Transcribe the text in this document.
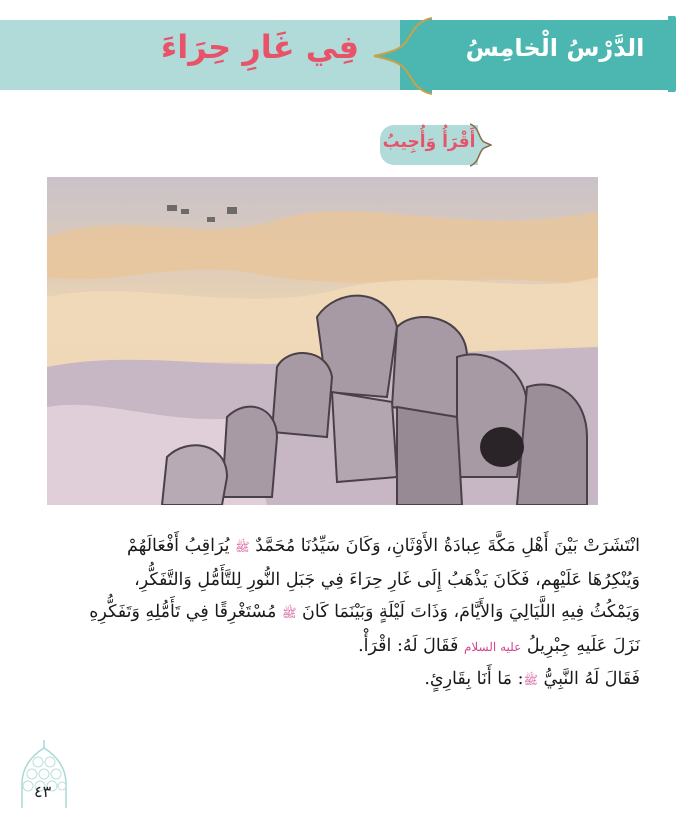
الدَّرْسُ الْخامِسُ
فِي غَارِ حِرَاءَ
أَقْرَأُ وَأُجِيبُ
انْتَشَرَتْ بَيْنَ أَهْلِ مَكَّةَ عِبادَةُ الأَوْثَانِ، وَكَانَ سَيِّدُنَا مُحَمَّدٌ ﷺ يُرَاقِبُ أَفْعَالَهُمْ
وَيُنْكِرُهَا عَلَيْهِم، فَكَانَ يَذْهَبُ إِلَى غَارِ حِرَاءَ فِي جَبَلِ النُّورِ لِلتَّأَمُّلِ وَالتَّفَكُّرِ،
وَيَمْكُثُ فِيهِ اللَّيَالِيَ وَالأَيَّامَ، وَذَاتَ لَيْلَةٍ وَبَيْنَمَا كَانَ ﷺ مُسْتَغْرِقًا فِي تَأَمُّلِهِ وَتَفَكُّرِهِ
نَزَلَ عَلَيهِ جِبْرِيلُ عليه السلام فَقَالَ لَهُ: اقْرَأْ.
فَقَالَ لَهُ النَّبِيُّ ﷺ: مَا أَنَا بِقَارِئٍ.
٤٣
